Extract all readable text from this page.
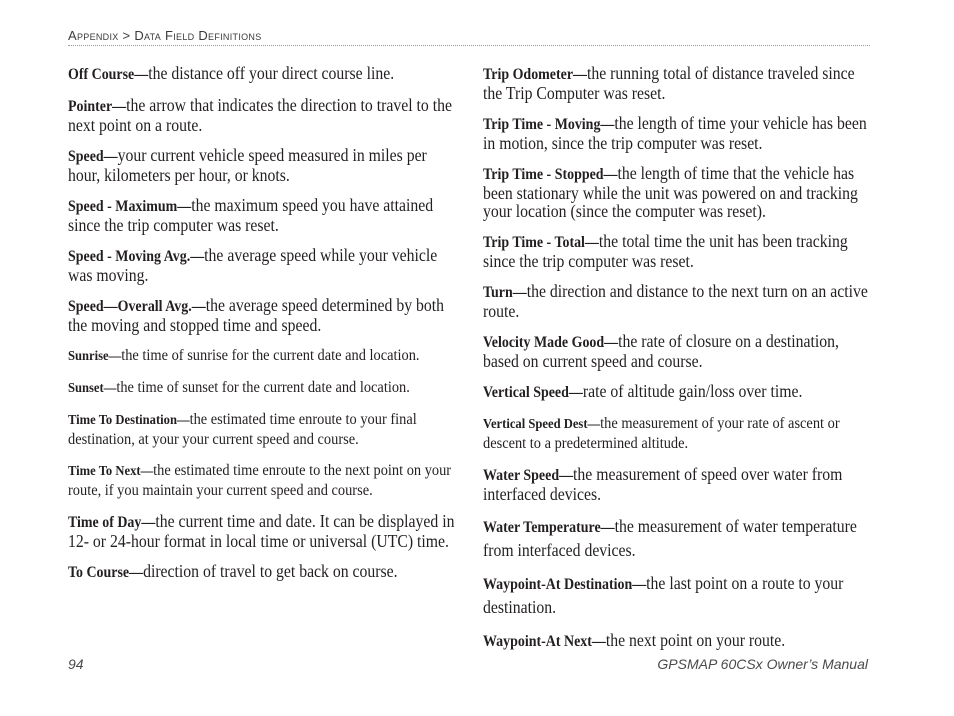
Appendix > Data Field Definitions
Off Course—the distance off your direct course line.
Pointer—the arrow that indicates the direction to travel to the next point on a route.
Speed—your current vehicle speed measured in miles per hour, kilometers per hour, or knots.
Speed - Maximum—the maximum speed you have attained since the trip computer was reset.
Speed - Moving Avg.—the average speed while your vehicle was moving.
Speed—Overall Avg.—the average speed determined by both the moving and stopped time and speed.
Sunrise—the time of sunrise for the current date and location.
Sunset—the time of sunset for the current date and location.
Time To Destination—the estimated time enroute to your final destination, at your your current speed and course.
Time To Next—the estimated time enroute to the next point on your route, if you maintain your current speed and course.
Time of Day—the current time and date. It can be displayed in 12- or 24-hour format in local time or universal (UTC) time.
To Course—direction of travel to get back on course.
Trip Odometer—the running total of distance traveled since the Trip Computer was reset.
Trip Time - Moving—the length of time your vehicle has been in motion, since the trip computer was reset.
Trip Time - Stopped—the length of time that the vehicle has been stationary while the unit was powered on and tracking your location (since the computer was reset).
Trip Time - Total—the total time the unit has been tracking since the trip computer was reset.
Turn—the direction and distance to the next turn on an active route.
Velocity Made Good—the rate of closure on a destination, based on current speed and course.
Vertical Speed—rate of altitude gain/loss over time.
Vertical Speed Dest—the measurement of your rate of ascent or descent to a predetermined altitude.
Water Speed—the measurement of speed over water from interfaced devices.
Water Temperature—the measurement of water temperature from interfaced devices.
Waypoint-At Destination—the last point on a route to your destination.
Waypoint-At Next—the next point on your route.
94	GPSMAP 60CSx Owner’s Manual
